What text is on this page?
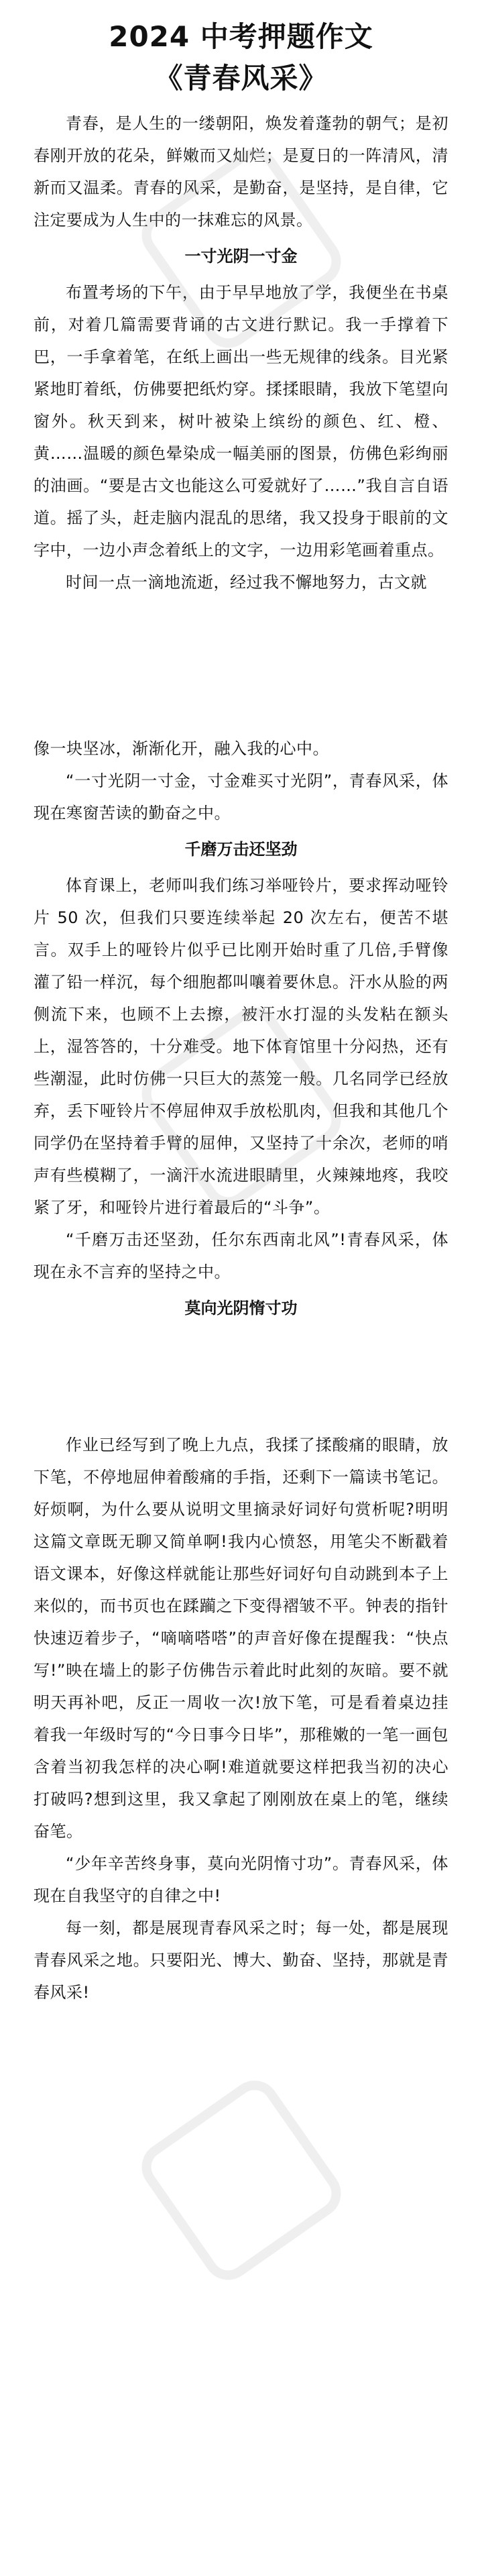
2024 中考押题作文
《青春风采》

青春，是人生的一缕朝阳，焕发着蓬勃的朝气；是初春刚开放的花朵，鲜嫩而又灿烂；是夏日的一阵清风，清新而又温柔。青春的风采，是勤奋，是坚持，是自律，它注定要成为人生中的一抹难忘的风景。

一寸光阴一寸金

布置考场的下午，由于早早地放了学，我便坐在书桌前，对着几篇需要背诵的古文进行默记。我一手撑着下巴，一手拿着笔，在纸上画出一些无规律的线条。目光紧紧地盯着纸，仿佛要把纸灼穿。揉揉眼睛，我放下笔望向窗外。秋天到来，树叶被染上缤纷的颜色、红、橙、黄……温暖的颜色晕染成一幅美丽的图景，仿佛色彩绚丽的油画。“要是古文也能这么可爱就好了……”我自言自语道。摇了头，赶走脑内混乱的思绪，我又投身于眼前的文字中，一边小声念着纸上的文字，一边用彩笔画着重点。

时间一点一滴地流逝，经过我不懈地努力，古文就

像一块坚冰，渐渐化开，融入我的心中。

“一寸光阴一寸金，寸金难买寸光阴”，青春风采，体现在寒窗苦读的勤奋之中。

千磨万击还坚劲

体育课上，老师叫我们练习举哑铃片，要求挥动哑铃片 50 次，但我们只要连续举起 20 次左右，便苦不堪言。双手上的哑铃片似乎已比刚开始时重了几倍,手臂像灌了铅一样沉，每个细胞都叫嚷着要休息。汗水从脸的两侧流下来，也顾不上去擦，被汗水打湿的头发粘在额头上，湿答答的，十分难受。地下体育馆里十分闷热，还有些潮湿，此时仿佛一只巨大的蒸笼一般。几名同学已经放弃，丢下哑铃片不停屈伸双手放松肌肉，但我和其他几个同学仍在坚持着手臂的屈伸，又坚持了十余次，老师的哨声有些模糊了，一滴汗水流进眼睛里，火辣辣地疼，我咬紧了牙，和哑铃片进行着最后的“斗争”。

“千磨万击还坚劲，任尔东西南北风”!青春风采，体现在永不言弃的坚持之中。

莫向光阴惰寸功

作业已经写到了晚上九点，我揉了揉酸痛的眼睛，放下笔，不停地屈伸着酸痛的手指，还剩下一篇读书笔记。好烦啊，为什么要从说明文里摘录好词好句赏析呢?明明这篇文章既无聊又简单啊!我内心愤怒，用笔尖不断戳着语文课本，好像这样就能让那些好词好句自动跳到本子上来似的，而书页也在蹂躏之下变得褶皱不平。钟表的指针快速迈着步子，“嘀嘀嗒嗒”的声音好像在提醒我：“快点写!”映在墙上的影子仿佛告示着此时此刻的灰暗。要不就明天再补吧，反正一周收一次!放下笔，可是看着桌边挂着我一年级时写的“今日事今日毕”，那稚嫩的一笔一画包含着当初我怎样的决心啊!难道就要这样把我当初的决心打破吗?想到这里，我又拿起了刚刚放在桌上的笔，继续奋笔。

“少年辛苦终身事，莫向光阴惰寸功”。青春风采，体现在自我坚守的自律之中!

每一刻，都是展现青春风采之时；每一处，都是展现青春风采之地。只要阳光、博大、勤奋、坚持，那就是青春风采!
